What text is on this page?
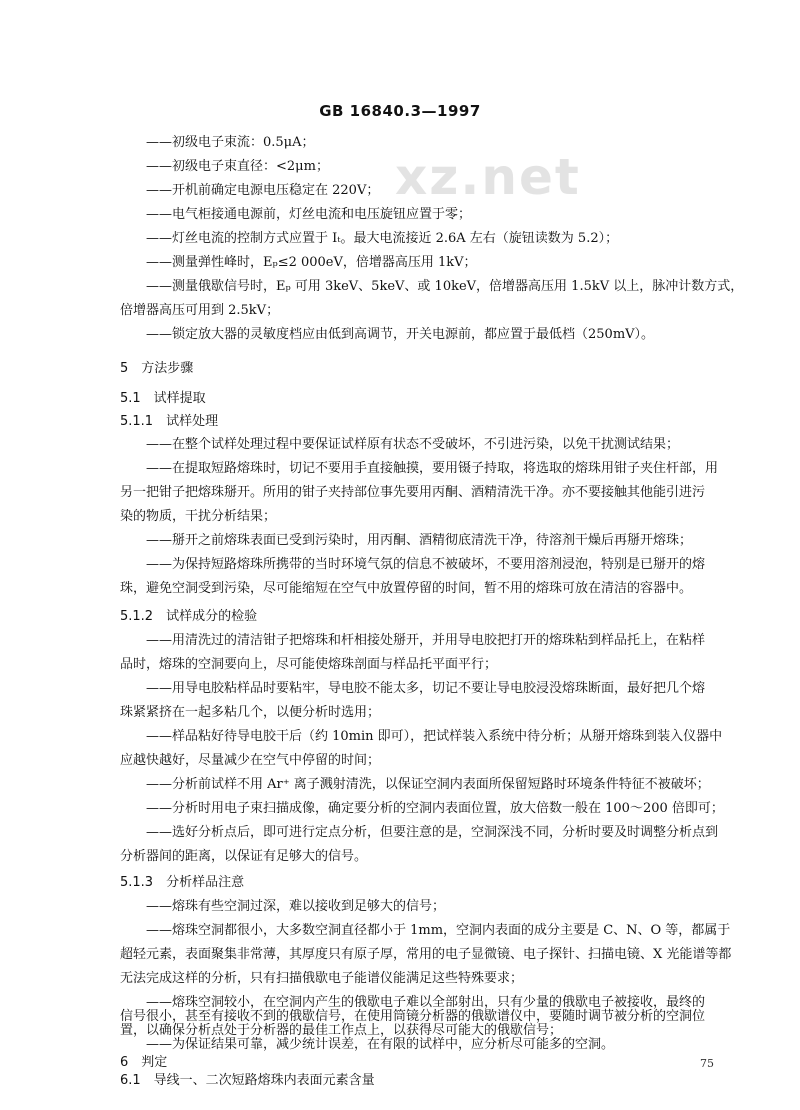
GB 16840.3—1997
xz.net
——初级电子束流：0.5μA；
——初级电子束直径：<2μm；
——开机前确定电源电压稳定在 220V；
——电气柜接通电源前，灯丝电流和电压旋钮应置于零；
——灯丝电流的控制方式应置于 Iₜ。最大电流接近 2.6A 左右（旋钮读数为 5.2）；
——测量弹性峰时，Eₚ≤2 000eV，倍增器高压用 1kV；
——测量俄歇信号时，Eₚ 可用 3keV、5keV、或 10keV，倍增器高压用 1.5kV 以上，脉冲计数方式，
倍增器高压可用到 2.5kV；
——锁定放大器的灵敏度档应由低到高调节，开关电源前，都应置于最低档（250mV）。
5　方法步骤
5.1　试样提取
5.1.1　试样处理
——在整个试样处理过程中要保证试样原有状态不受破坏，不引进污染，以免干扰测试结果；
——在提取短路熔珠时，切记不要用手直接触摸，要用镊子持取，将选取的熔珠用钳子夹住杆部，用
另一把钳子把熔珠掰开。所用的钳子夹持部位事先要用丙酮、酒精清洗干净。亦不要接触其他能引进污
染的物质，干扰分析结果；
——掰开之前熔珠表面已受到污染时，用丙酮、酒精彻底清洗干净，待溶剂干燥后再掰开熔珠；
——为保持短路熔珠所携带的当时环境气氛的信息不被破坏，不要用溶剂浸泡，特别是已掰开的熔
珠，避免空洞受到污染，尽可能缩短在空气中放置停留的时间，暂不用的熔珠可放在清洁的容器中。
5.1.2　试样成分的检验
——用清洗过的清洁钳子把熔珠和杆相接处掰开，并用导电胶把打开的熔珠粘到样品托上，在粘样
品时，熔珠的空洞要向上，尽可能使熔珠剖面与样品托平面平行；
——用导电胶粘样品时要粘牢，导电胶不能太多，切记不要让导电胶浸没熔珠断面，最好把几个熔
珠紧紧挤在一起多粘几个，以便分析时选用；
——样品粘好待导电胶干后（约 10min 即可），把试样装入系统中待分析；从掰开熔珠到装入仪器中
应越快越好，尽量减少在空气中停留的时间；
——分析前试样不用 Ar⁺ 离子溅射清洗，以保证空洞内表面所保留短路时环境条件特征不被破坏；
——分析时用电子束扫描成像，确定要分析的空洞内表面位置，放大倍数一般在 100～200 倍即可；
——选好分析点后，即可进行定点分析，但要注意的是，空洞深浅不同，分析时要及时调整分析点到
分析器间的距离，以保证有足够大的信号。
5.1.3　分析样品注意
——熔珠有些空洞过深，难以接收到足够大的信号；
——熔珠空洞都很小，大多数空洞直径都小于 1mm，空洞内表面的成分主要是 C、N、O 等，都属于
超轻元素，表面聚集非常薄，其厚度只有原子厚，常用的电子显微镜、电子探针、扫描电镜、X 光能谱等都
无法完成这样的分析，只有扫描俄歇电子能谱仪能满足这些特殊要求；
——熔珠空洞较小，在空洞内产生的俄歇电子难以全部射出，只有少量的俄歇电子被接收，最终的
信号很小，甚至有接收不到的俄歇信号，在使用筒镜分析器的俄歇谱仪中，要随时调节被分析的空洞位
置，以确保分析点处于分析器的最佳工作点上，以获得尽可能大的俄歇信号；
——为保证结果可靠，减少统计误差，在有限的试样中，应分析尽可能多的空洞。
6　判定
6.1　导线一、二次短路熔珠内表面元素含量
75
